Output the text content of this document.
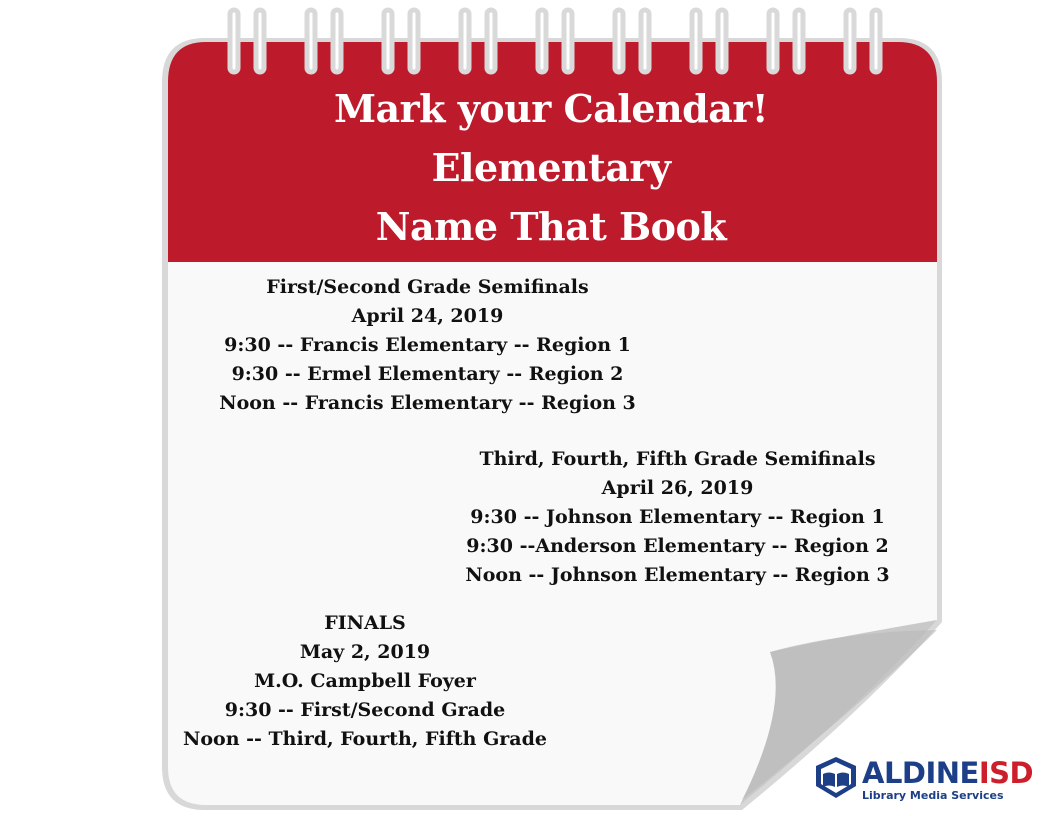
Mark your Calendar!
Elementary
Name That Book
First/Second Grade Semifinals
April 24, 2019
9:30 -- Francis Elementary -- Region 1
9:30 -- Ermel Elementary -- Region 2
Noon -- Francis Elementary -- Region 3
Third, Fourth, Fifth Grade Semifinals
April 26, 2019
9:30 -- Johnson Elementary -- Region 1
9:30 --Anderson Elementary -- Region 2
Noon -- Johnson Elementary -- Region 3
FINALS
May 2, 2019
M.O. Campbell Foyer
9:30 -- First/Second Grade
Noon -- Third, Fourth, Fifth Grade
ALDINEISD
Library Media Services
